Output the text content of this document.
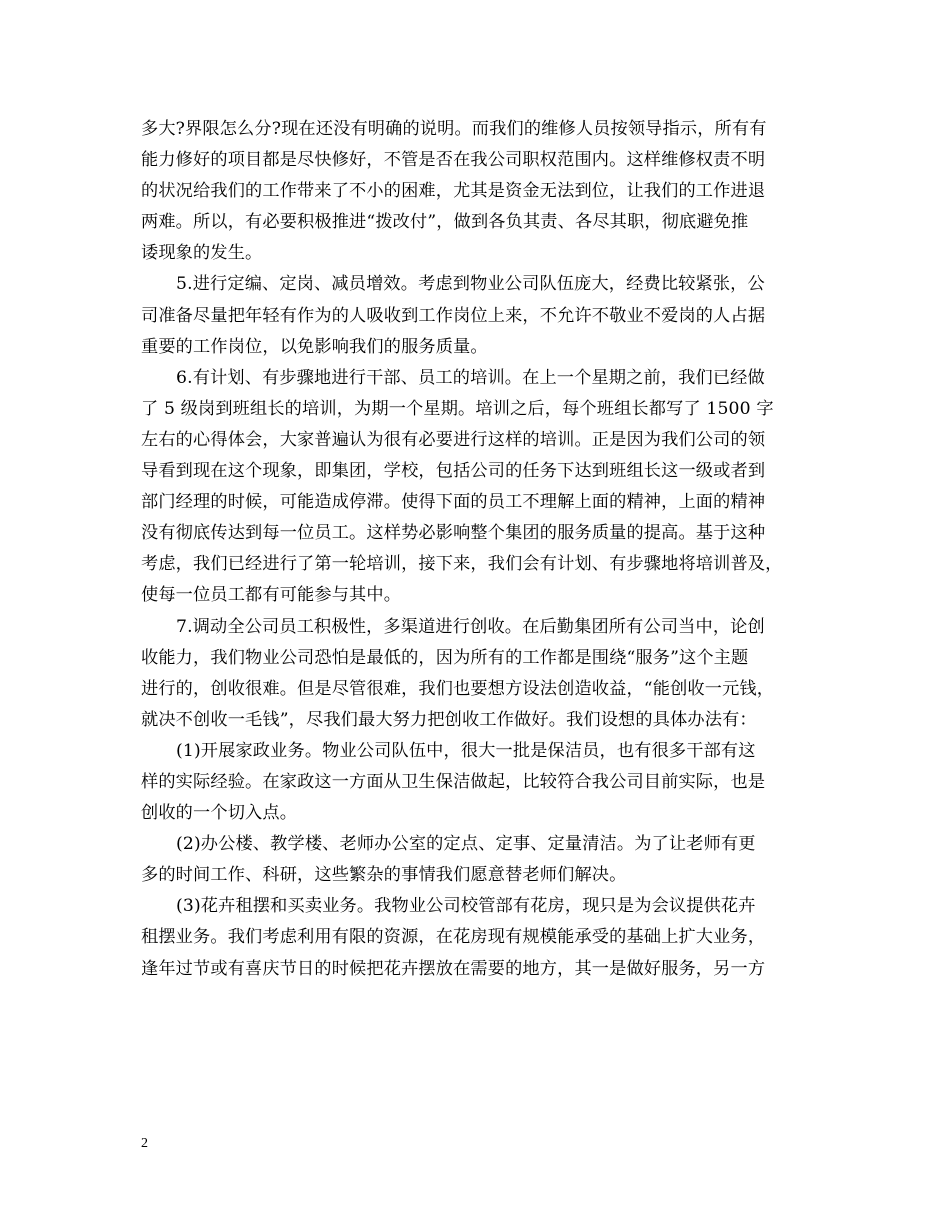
多大?界限怎么分?现在还没有明确的说明。而我们的维修人员按领导指示，所有有
能力修好的项目都是尽快修好，不管是否在我公司职权范围内。这样维修权责不明
的状况给我们的工作带来了不小的困难，尤其是资金无法到位，让我们的工作进退
两难。所以，有必要积极推进“拨改付”，做到各负其责、各尽其职，彻底避免推
诿现象的发生。
5.进行定编、定岗、减员增效。考虑到物业公司队伍庞大，经费比较紧张，公
司准备尽量把年轻有作为的人吸收到工作岗位上来，不允许不敬业不爱岗的人占据
重要的工作岗位，以免影响我们的服务质量。
6.有计划、有步骤地进行干部、员工的培训。在上一个星期之前，我们已经做
了 5 级岗到班组长的培训，为期一个星期。培训之后，每个班组长都写了 1500 字
左右的心得体会，大家普遍认为很有必要进行这样的培训。正是因为我们公司的领
导看到现在这个现象，即集团，学校，包括公司的任务下达到班组长这一级或者到
部门经理的时候，可能造成停滞。使得下面的员工不理解上面的精神，上面的精神
没有彻底传达到每一位员工。这样势必影响整个集团的服务质量的提高。基于这种
考虑，我们已经进行了第一轮培训，接下来，我们会有计划、有步骤地将培训普及，
使每一位员工都有可能参与其中。
7.调动全公司员工积极性，多渠道进行创收。在后勤集团所有公司当中，论创
收能力，我们物业公司恐怕是最低的，因为所有的工作都是围绕“服务”这个主题
进行的，创收很难。但是尽管很难，我们也要想方设法创造收益，“能创收一元钱，
就决不创收一毛钱”，尽我们最大努力把创收工作做好。我们设想的具体办法有：
(1)开展家政业务。物业公司队伍中，很大一批是保洁员，也有很多干部有这
样的实际经验。在家政这一方面从卫生保洁做起，比较符合我公司目前实际，也是
创收的一个切入点。
(2)办公楼、教学楼、老师办公室的定点、定事、定量清洁。为了让老师有更
多的时间工作、科研，这些繁杂的事情我们愿意替老师们解决。
(3)花卉租摆和买卖业务。我物业公司校管部有花房，现只是为会议提供花卉
租摆业务。我们考虑利用有限的资源，在花房现有规模能承受的基础上扩大业务，
逢年过节或有喜庆节日的时候把花卉摆放在需要的地方，其一是做好服务，另一方
2
